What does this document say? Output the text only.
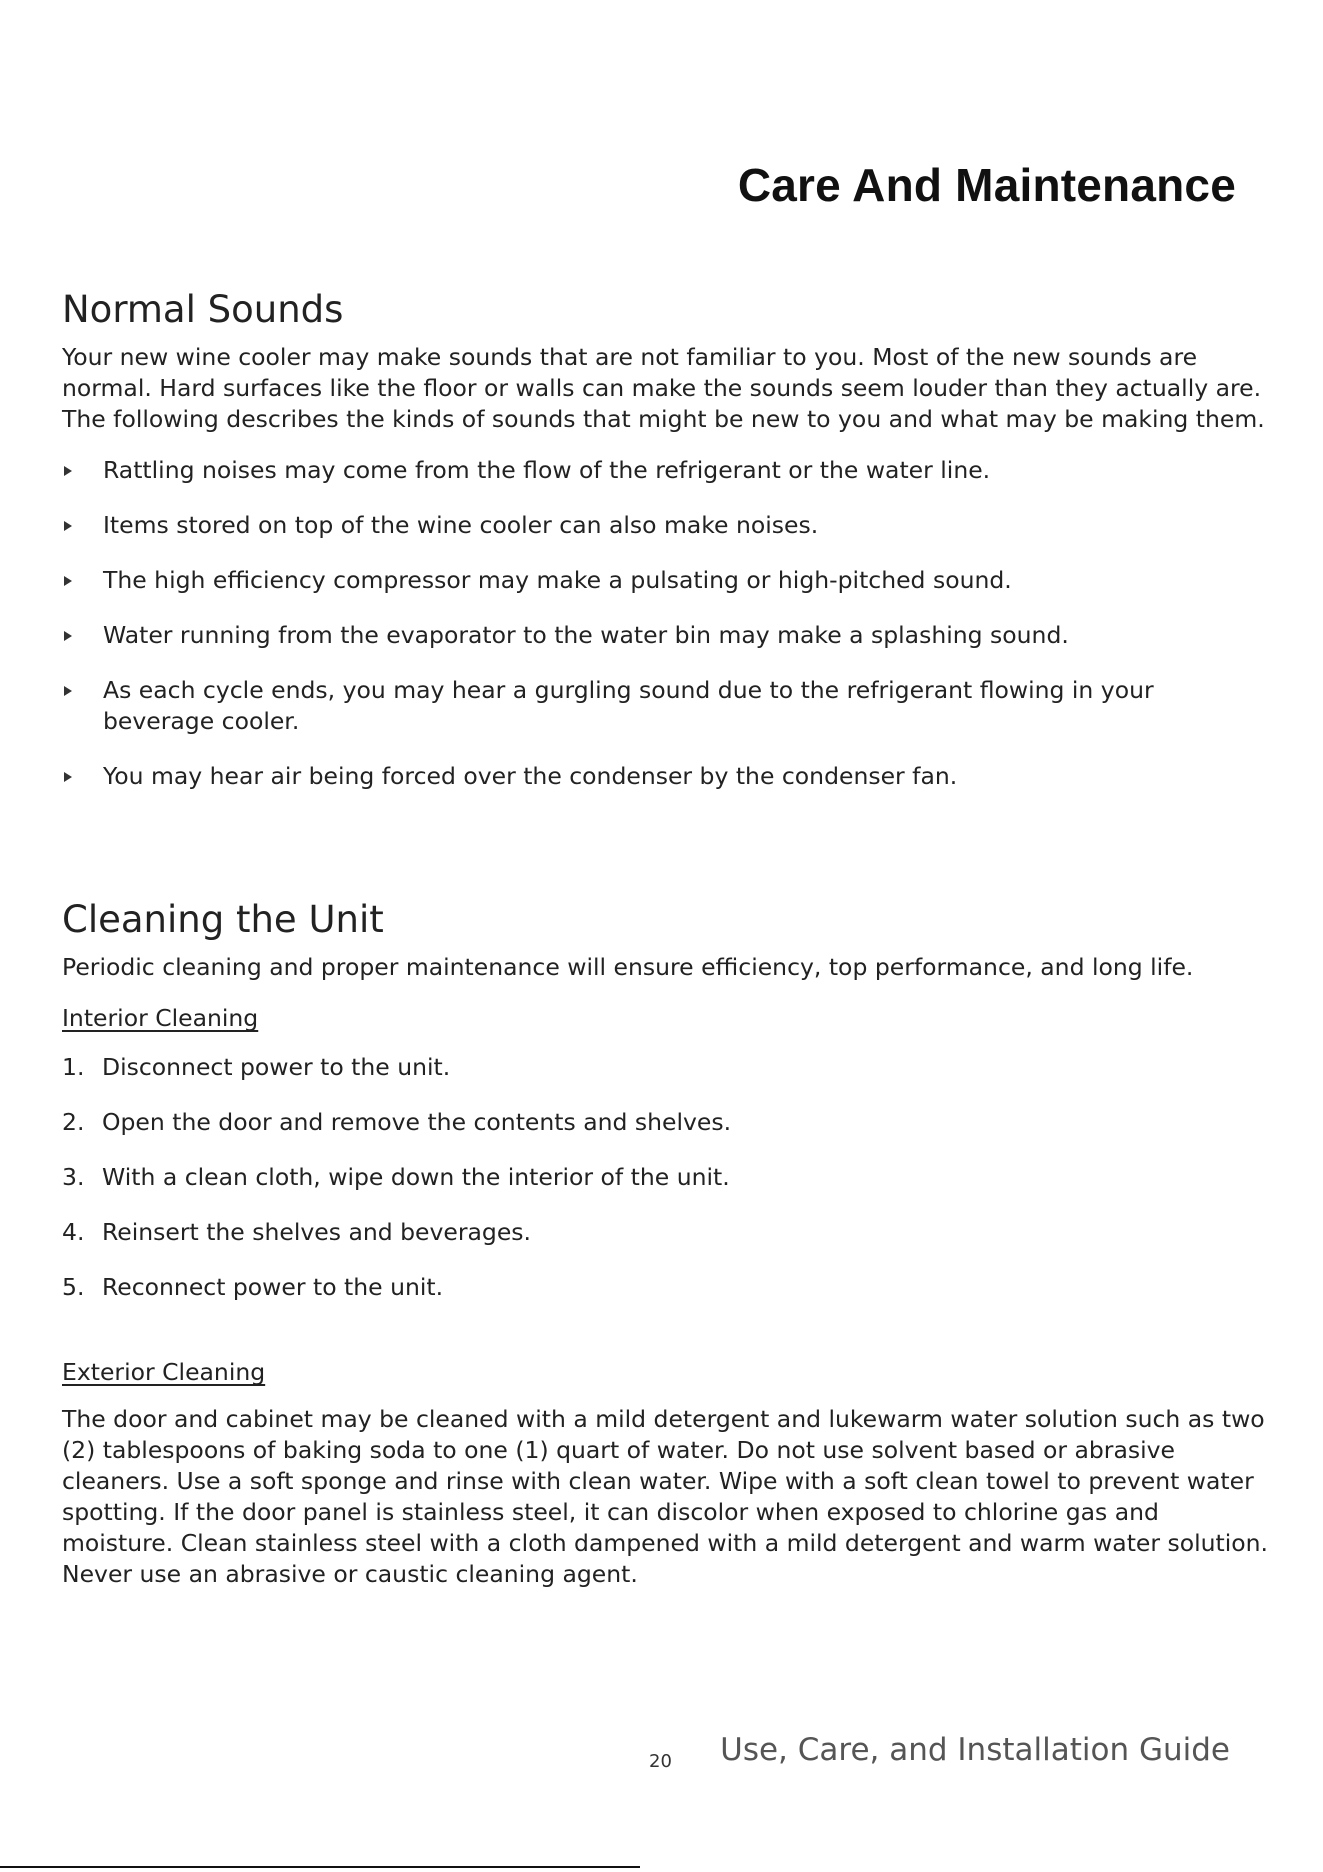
Care And Maintenance
Normal Sounds

Your new wine cooler may make sounds that are not familiar to you. Most of the new sounds are normal. Hard surfaces like the floor or walls can make the sounds seem louder than they actually are. The following describes the kinds of sounds that might be new to you and what may be making them.

Rattling noises may come from the flow of the refrigerant or the water line.
Items stored on top of the wine cooler can also make noises.
The high efficiency compressor may make a pulsating or high-pitched sound.
Water running from the evaporator to the water bin may make a splashing sound.
As each cycle ends, you may hear a gurgling sound due to the refrigerant flowing in your beverage cooler.
You may hear air being forced over the condenser by the condenser fan.
Cleaning the Unit

Periodic cleaning and proper maintenance will ensure efficiency, top performance, and long life.

Interior Cleaning
1. Disconnect power to the unit.
2. Open the door and remove the contents and shelves.
3. With a clean cloth, wipe down the interior of the unit.
4. Reinsert the shelves and beverages.
5. Reconnect power to the unit.
Exterior Cleaning

The door and cabinet may be cleaned with a mild detergent and lukewarm water solution such as two (2) tablespoons of baking soda to one (1) quart of water. Do not use solvent based or abrasive cleaners. Use a soft sponge and rinse with clean water. Wipe with a soft clean towel to prevent water spotting. If the door panel is stainless steel, it can discolor when exposed to chlorine gas and moisture. Clean stainless steel with a cloth dampened with a mild detergent and warm water solution. Never use an abrasive or caustic cleaning agent.

20 Use, Care, and Installation Guide
